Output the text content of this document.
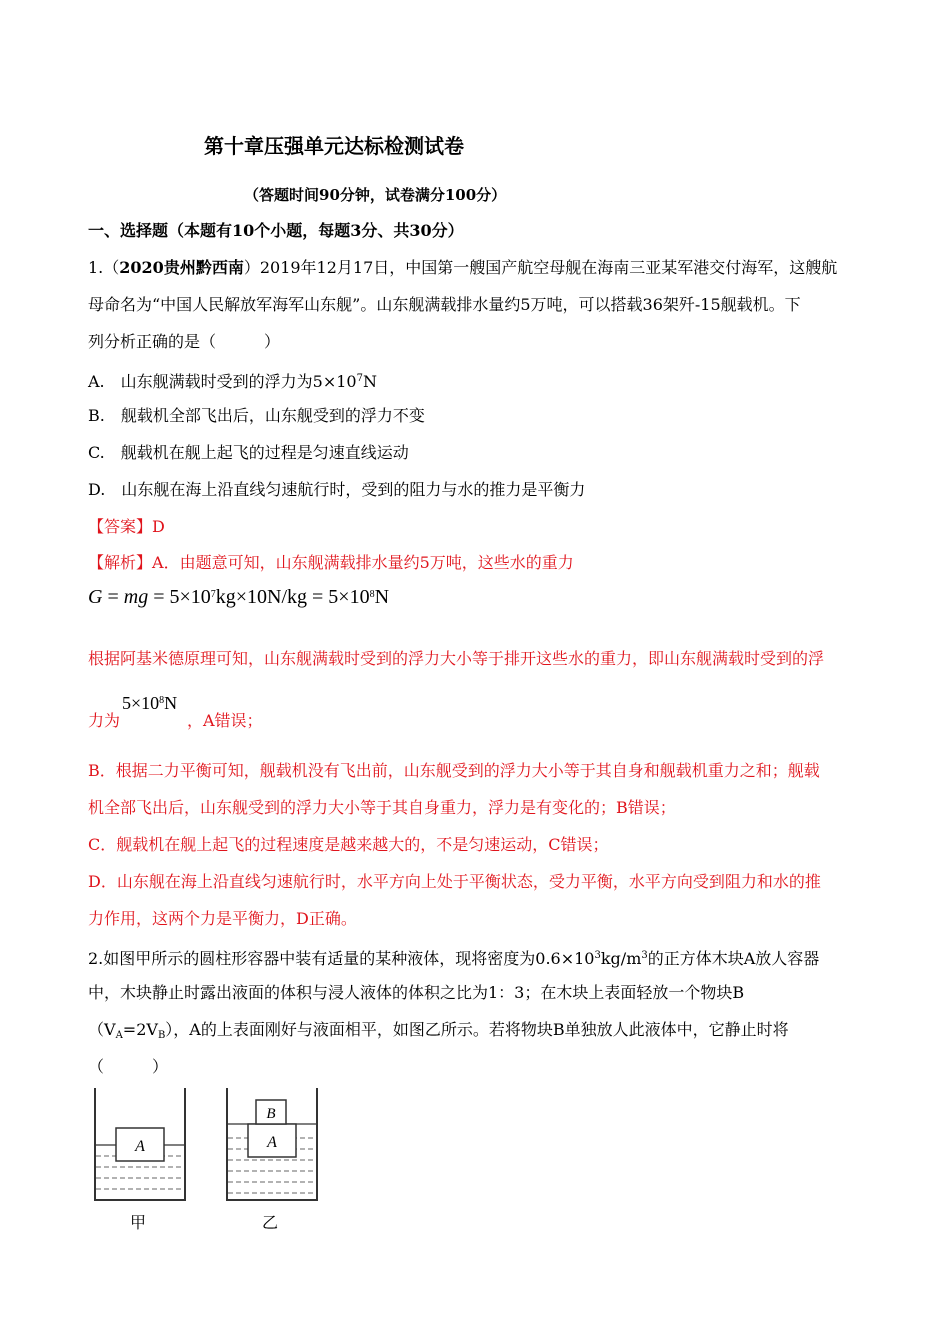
第十章压强单元达标检测试卷
（答题时间90分钟，试卷满分100分）
一、选择题（本题有10个小题，每题3分、共30分）
1.（2020贵州黔西南）2019年12月17日，中国第一艘国产航空母舰在海南三亚某军港交付海军，这艘航
母命名为“中国人民解放军海军山东舰”。山东舰满载排水量约5万吨，可以搭载36架歼-15舰载机。下
列分析正确的是（　　　）
A.　山东舰满载时受到的浮力为$5\times 10^7N$
B.　舰载机全部飞出后，山东舰受到的浮力不变
C.　舰载机在舰上起飞的过程是匀速直线运动
D.　山东舰在海上沿直线匀速航行时，受到的阻力与水的推力是平衡力
【答案】D
【解析】A．由题意可知，山东舰满载排水量约5万吨，这些水的重力
G = mg = $5\times 10^7kg\times 10N/kg = 5\times 10^8N$
根据阿基米德原理可知，山东舰满载时受到的浮力大小等于排开这些水的重力，即山东舰满载时受到的浮
力为
$5\times 10^8N$
，A错误；
B．根据二力平衡可知，舰载机没有飞出前，山东舰受到的浮力大小等于其自身和舰载机重力之和；舰载
机全部飞出后，山东舰受到的浮力大小等于其自身重力，浮力是有变化的；B错误；
C．舰载机在舰上起飞的过程速度是越来越大的，不是匀速运动，C错误；
D．山东舰在海上沿直线匀速航行时，水平方向上处于平衡状态，受力平衡，水平方向受到阻力和水的推
力作用，这两个力是平衡力，D正确。
2.如图甲所示的圆柱形容器中装有适量的某种液体，现将密度为$0.6\times 10^3kg/m^3$的正方体木块A放人容器
中，木块静止时露出液面的体积与浸人液体的体积之比为1：3；在木块上表面轻放一个物块B
$(V_A=2V_B)$，A的上表面刚好与液面相平，如图乙所示。若将物块B单独放人此液体中，它静止时将
（　　　）
A	A
B
甲	乙
